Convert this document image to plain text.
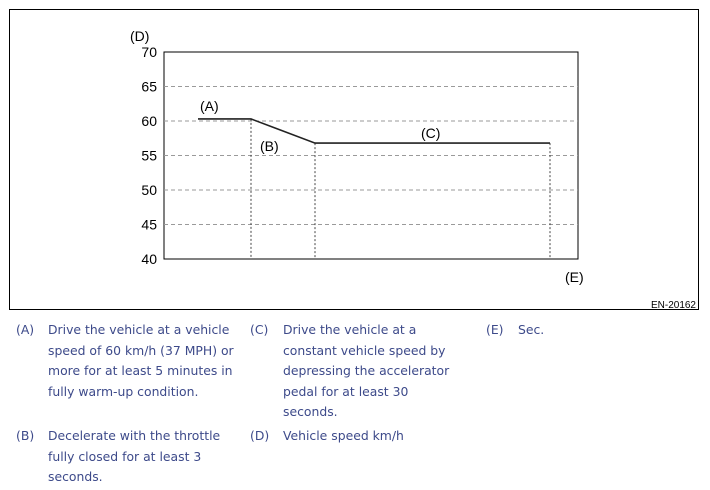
70
65
60
55
50
45
40
(D)
(E)
(A)
(B)
(C)
EN-20162
(A) Drive the vehicle at a vehicle speed of 60 km/h (37 MPH) or more for at least 5 minutes in fully warm-up condition.
(B) Decelerate with the throttle fully closed for at least 3 seconds.
(C) Drive the vehicle at a constant vehicle speed by depressing the accelerator pedal for at least 30 seconds.
(D) Vehicle speed km/h
(E) Sec.
